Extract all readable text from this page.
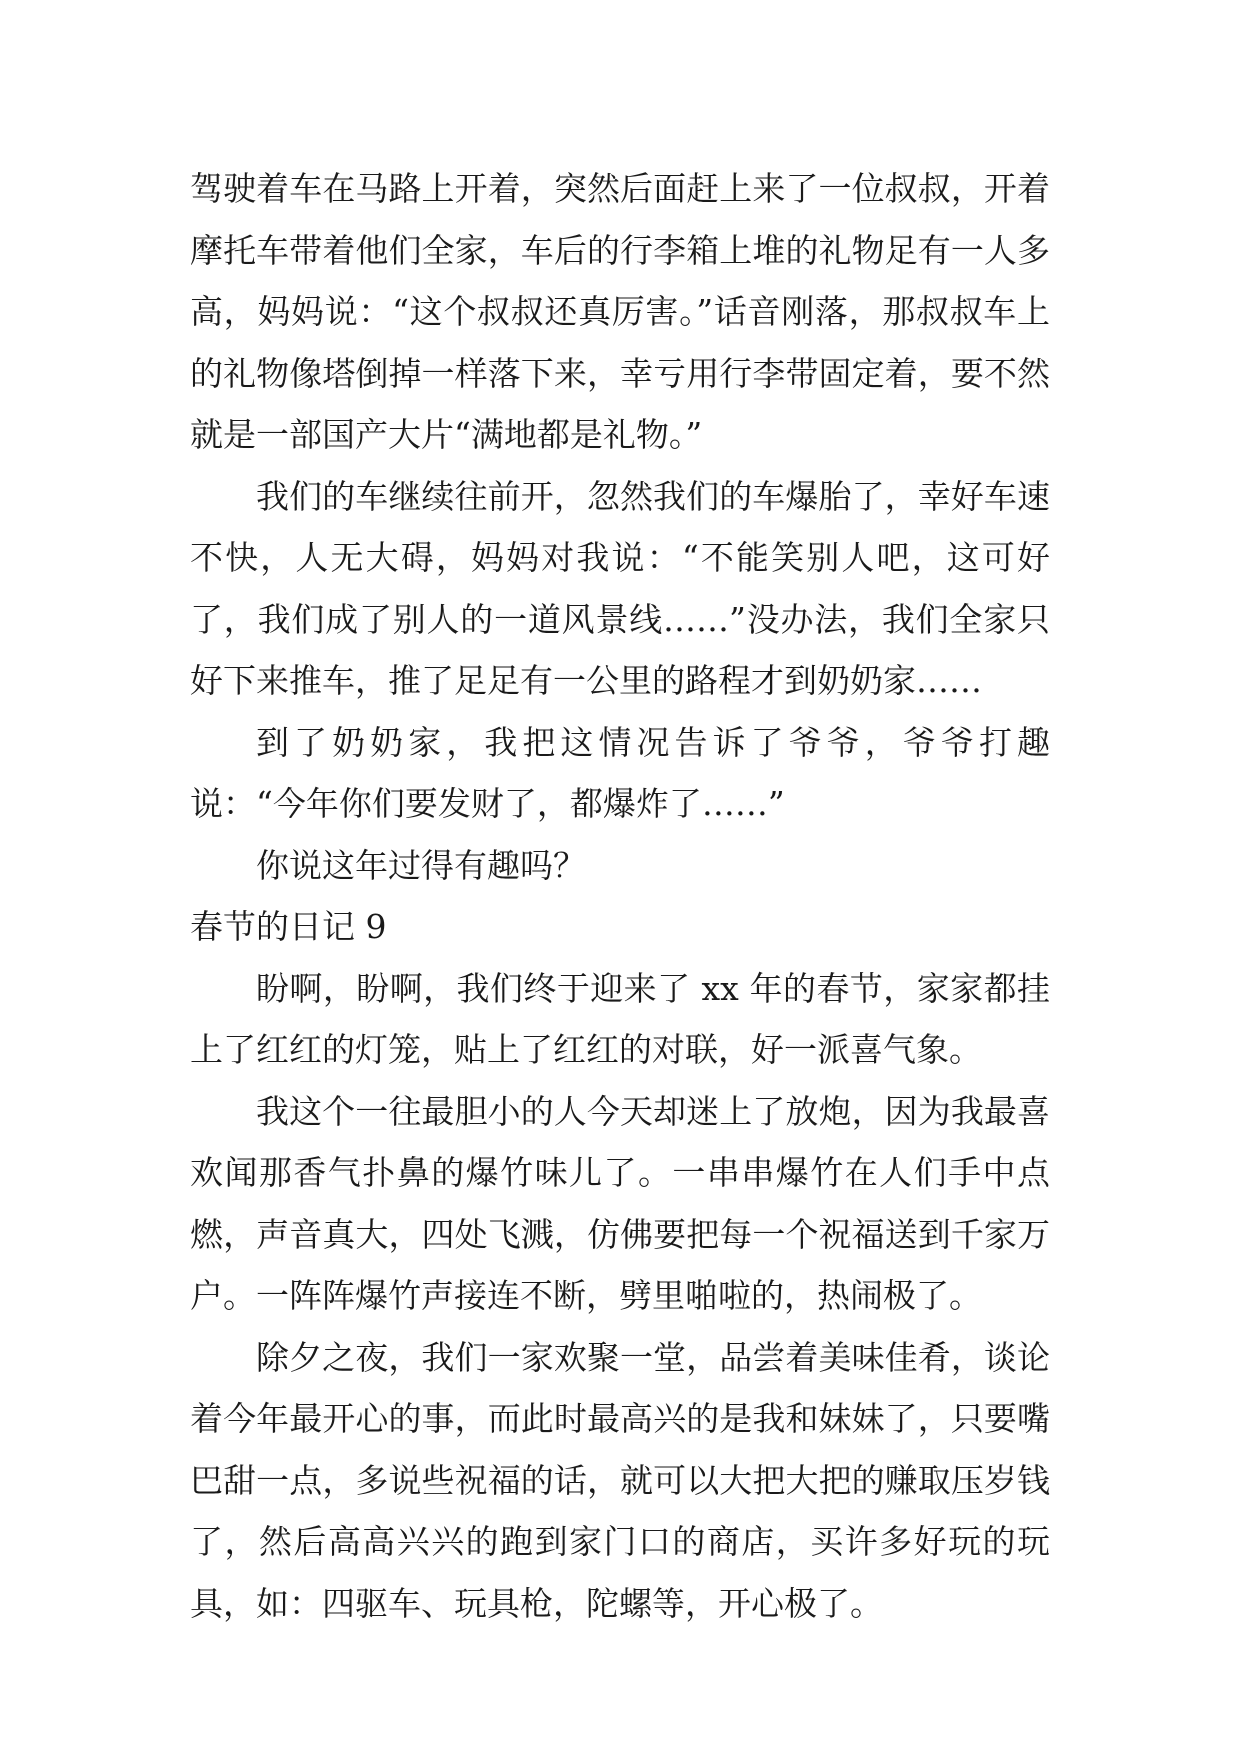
驾驶着车在马路上开着，突然后面赶上来了一位叔叔，开着摩托车带着他们全家，车后的行李箱上堆的礼物足有一人多高，妈妈说：“这个叔叔还真厉害。”话音刚落，那叔叔车上的礼物像塔倒掉一样落下来，幸亏用行李带固定着，要不然就是一部国产大片“满地都是礼物。”

我们的车继续往前开，忽然我们的车爆胎了，幸好车速不快，人无大碍，妈妈对我说：“不能笑别人吧，这可好了，我们成了别人的一道风景线……”没办法，我们全家只好下来推车，推了足足有一公里的路程才到奶奶家……

到了奶奶家，我把这情况告诉了爷爷，爷爷打趣说：“今年你们要发财了，都爆炸了……”

你说这年过得有趣吗？

春节的日记 9

盼啊，盼啊，我们终于迎来了 xx 年的春节，家家都挂上了红红的灯笼，贴上了红红的对联，好一派喜气象。

我这个一往最胆小的人今天却迷上了放炮，因为我最喜欢闻那香气扑鼻的爆竹味儿了。一串串爆竹在人们手中点燃，声音真大，四处飞溅，仿佛要把每一个祝福送到千家万户。一阵阵爆竹声接连不断，劈里啪啦的，热闹极了。

除夕之夜，我们一家欢聚一堂，品尝着美味佳肴，谈论着今年最开心的事，而此时最高兴的是我和妹妹了，只要嘴巴甜一点，多说些祝福的话，就可以大把大把的赚取压岁钱了，然后高高兴兴的跑到家门口的商店，买许多好玩的玩具，如：四驱车、玩具枪，陀螺等，开心极了。
